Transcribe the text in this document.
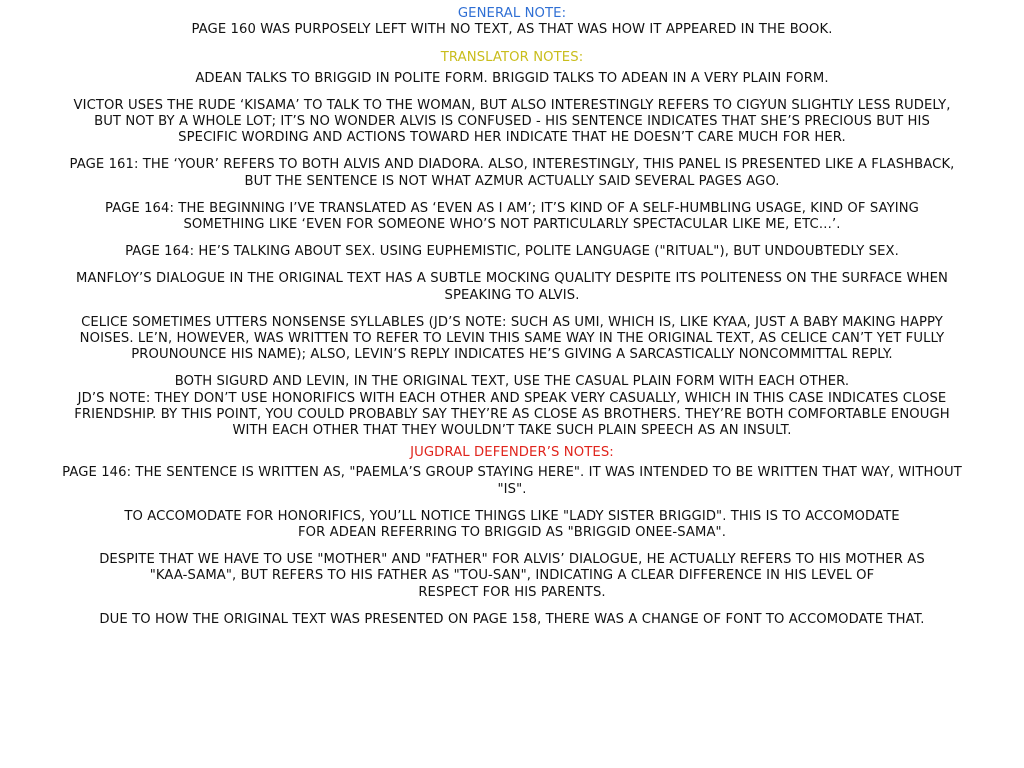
GENERAL NOTE:

PAGE 160 WAS PURPOSELY LEFT WITH NO TEXT, AS THAT WAS HOW IT APPEARED IN THE BOOK.

TRANSLATOR NOTES:

ADEAN TALKS TO BRIGGID IN POLITE FORM. BRIGGID TALKS TO ADEAN IN A VERY PLAIN FORM.

VICTOR USES THE RUDE ‘KISAMA’ TO TALK TO THE WOMAN, BUT ALSO INTERESTINGLY REFERS TO CIGYUN SLIGHTLY LESS RUDELY,
BUT NOT BY A WHOLE LOT; IT’S NO WONDER ALVIS IS CONFUSED - HIS SENTENCE INDICATES THAT SHE’S PRECIOUS BUT HIS
SPECIFIC WORDING AND ACTIONS TOWARD HER INDICATE THAT HE DOESN’T CARE MUCH FOR HER.

PAGE 161: THE ‘YOUR’ REFERS TO BOTH ALVIS AND DIADORA. ALSO, INTERESTINGLY, THIS PANEL IS PRESENTED LIKE A FLASHBACK,
BUT THE SENTENCE IS NOT WHAT AZMUR ACTUALLY SAID SEVERAL PAGES AGO.

PAGE 164: THE BEGINNING I’VE TRANSLATED AS ‘EVEN AS I AM’; IT’S KIND OF A SELF-HUMBLING USAGE, KIND OF SAYING
SOMETHING LIKE ‘EVEN FOR SOMEONE WHO’S NOT PARTICULARLY SPECTACULAR LIKE ME, ETC…’.

PAGE 164: HE’S TALKING ABOUT SEX. USING EUPHEMISTIC, POLITE LANGUAGE ("RITUAL"), BUT UNDOUBTEDLY SEX.

MANFLOY’S DIALOGUE IN THE ORIGINAL TEXT HAS A SUBTLE MOCKING QUALITY DESPITE ITS POLITENESS ON THE SURFACE WHEN
SPEAKING TO ALVIS.

CELICE SOMETIMES UTTERS NONSENSE SYLLABLES (JD’S NOTE: SUCH AS UMI, WHICH IS, LIKE KYAA, JUST A BABY MAKING HAPPY
NOISES. LE’N, HOWEVER, WAS WRITTEN TO REFER TO LEVIN THIS SAME WAY IN THE ORIGINAL TEXT, AS CELICE CAN’T YET FULLY
PROUNOUNCE HIS NAME); ALSO, LEVIN’S REPLY INDICATES HE’S GIVING A SARCASTICALLY NONCOMMITTAL REPLY.

BOTH SIGURD AND LEVIN, IN THE ORIGINAL TEXT, USE THE CASUAL PLAIN FORM WITH EACH OTHER.
JD’S NOTE: THEY DON’T USE HONORIFICS WITH EACH OTHER AND SPEAK VERY CASUALLY, WHICH IN THIS CASE INDICATES CLOSE
FRIENDSHIP. BY THIS POINT, YOU COULD PROBABLY SAY THEY’RE AS CLOSE AS BROTHERS. THEY’RE BOTH COMFORTABLE ENOUGH
WITH EACH OTHER THAT THEY WOULDN’T TAKE SUCH PLAIN SPEECH AS AN INSULT.

JUGDRAL DEFENDER’S NOTES:

PAGE 146: THE SENTENCE IS WRITTEN AS, "PAEMLA’S GROUP STAYING HERE". IT WAS INTENDED TO BE WRITTEN THAT WAY, WITHOUT
"IS".

TO ACCOMODATE FOR HONORIFICS, YOU’LL NOTICE THINGS LIKE "LADY SISTER BRIGGID". THIS IS TO ACCOMODATE
FOR ADEAN REFERRING TO BRIGGID AS "BRIGGID ONEE-SAMA".

DESPITE THAT WE HAVE TO USE "MOTHER" AND "FATHER" FOR ALVIS’ DIALOGUE, HE ACTUALLY REFERS TO HIS MOTHER AS
"KAA-SAMA", BUT REFERS TO HIS FATHER AS "TOU-SAN", INDICATING A CLEAR DIFFERENCE IN HIS LEVEL OF
RESPECT FOR HIS PARENTS.

DUE TO HOW THE ORIGINAL TEXT WAS PRESENTED ON PAGE 158, THERE WAS A CHANGE OF FONT TO ACCOMODATE THAT.
